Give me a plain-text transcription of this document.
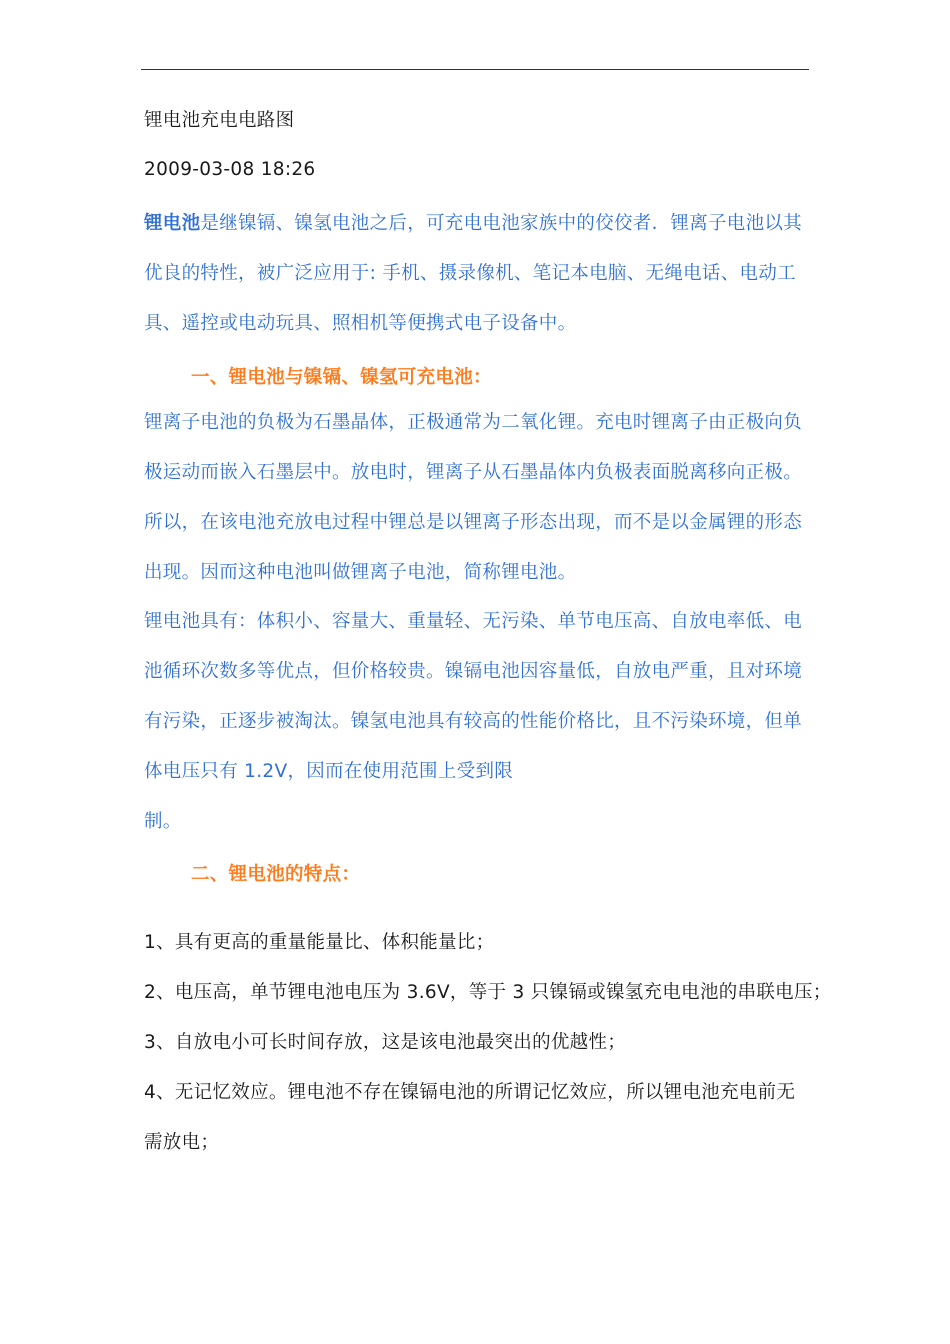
锂电池充电电路图

2009-03-08 18:26

锂电池是继镍镉、镍氢电池之后，可充电电池家族中的佼佼者．锂离子电池以其

优良的特性，被广泛应用于: 手机、摄录像机、笔记本电脑、无绳电话、电动工

具、遥控或电动玩具、照相机等便携式电子设备中。

一、锂电池与镍镉、镍氢可充电池：

锂离子电池的负极为石墨晶体，正极通常为二氧化锂。充电时锂离子由正极向负

极运动而嵌入石墨层中。放电时，锂离子从石墨晶体内负极表面脱离移向正极。

所以，在该电池充放电过程中锂总是以锂离子形态出现，而不是以金属锂的形态

出现。因而这种电池叫做锂离子电池，简称锂电池。

锂电池具有：体积小、容量大、重量轻、无污染、单节电压高、自放电率低、电

池循环次数多等优点，但价格较贵。镍镉电池因容量低，自放电严重，且对环境

有污染，正逐步被淘汰。镍氢电池具有较高的性能价格比，且不污染环境，但单

体电压只有 1.2V，因而在使用范围上受到限

制。

二、锂电池的特点：

1、具有更高的重量能量比、体积能量比；

2、电压高，单节锂电池电压为 3.6V，等于 3 只镍镉或镍氢充电电池的串联电压；

3、自放电小可长时间存放，这是该电池最突出的优越性；

4、无记忆效应。锂电池不存在镍镉电池的所谓记忆效应，所以锂电池充电前无

需放电；
